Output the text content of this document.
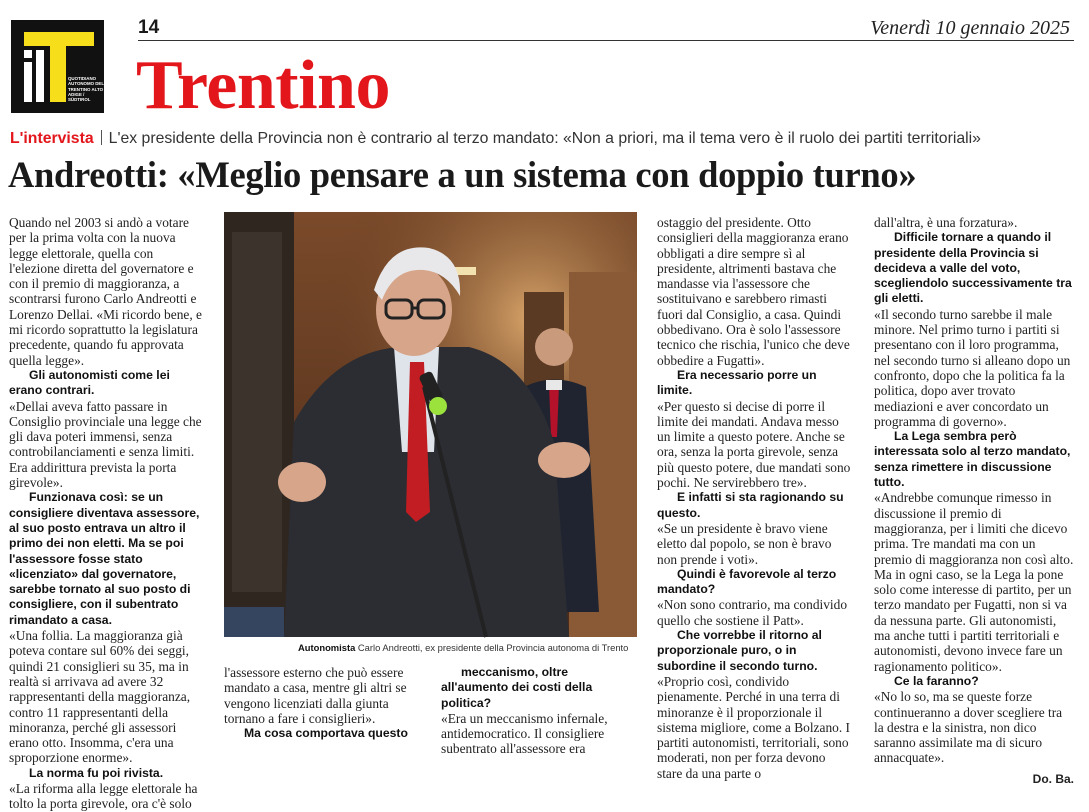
QUOTIDIANO AUTONOMO DEL TRENTINO ALTO ADIGE / SÜDTIROL
14	Venerdì 10 gennaio 2025
Trentino
L'intervista L'ex presidente della Provincia non è contrario al terzo mandato: «Non a priori, ma il tema vero è il ruolo dei partiti territoriali»
Andreotti: «Meglio pensare a un sistema con doppio turno»

Quando nel 2003 si andò a votare per la prima volta con la nuova legge elettorale, quella con l'elezione diretta del governatore e con il premio di maggioranza, a scontrarsi furono Carlo Andreotti e Lorenzo Dellai. «Mi ricordo bene, e mi ricordo soprattutto la legislatura precedente, quando fu approvata quella legge».

Gli autonomisti come lei erano contrari.

«Dellai aveva fatto passare in Consiglio provinciale una legge che gli dava poteri immensi, senza controbilanciamenti e senza limiti. Era addirittura prevista la porta girevole».

Funzionava così: se un consigliere diventava assessore, al suo posto entrava un altro il primo dei non eletti. Ma se poi l'assessore fosse stato «licenziato» dal governatore, sarebbe tornato al suo posto di consigliere, con il subentrato rimandato a casa.

«Una follia. La maggioranza già poteva contare sul 60% dei seggi, quindi 21 consiglieri su 35, ma in realtà si arrivava ad avere 32 rappresentanti della maggioranza, contro 11 rappresentanti della minoranza, perché gli assessori erano otto. Insomma, c'era una sproporzione enorme».

La norma fu poi rivista.

«La riforma alla legge elettorale ha tolto la porta girevole, ora c'è solo

l'assessore esterno che può essere mandato a casa, mentre gli altri se vengono licenziati dalla giunta tornano a fare i consiglieri».

Ma cosa comportava questo

meccanismo, oltre all'aumento dei costi della politica?

«Era un meccanismo infernale, antidemocratico. Il consigliere subentrato all'assessore era

ostaggio del presidente. Otto consiglieri della maggioranza erano obbligati a dire sempre sì al presidente, altrimenti bastava che mandasse via l'assessore che sostituivano e sarebbero rimasti fuori dal Consiglio, a casa. Quindi obbedivano. Ora è solo l'assessore tecnico che rischia, l'unico che deve obbedire a Fugatti».

Era necessario porre un limite.

«Per questo si decise di porre il limite dei mandati. Andava messo un limite a questo potere. Anche se ora, senza la porta girevole, senza più questo potere, due mandati sono pochi. Ne servirebbero tre».

E infatti si sta ragionando su questo.

«Se un presidente è bravo viene eletto dal popolo, se non è bravo non prende i voti».

Quindi è favorevole al terzo mandato?

«Non sono contrario, ma condivido quello che sostiene il Patt».

Che vorrebbe il ritorno al proporzionale puro, o in subordine il secondo turno.

«Proprio così, condivido pienamente. Perché in una terra di minoranze è il proporzionale il sistema migliore, come a Bolzano. I partiti autonomisti, territoriali, sono moderati, non per forza devono stare da una parte o

dall'altra, è una forzatura».

Difficile tornare a quando il presidente della Provincia si decideva a valle del voto, scegliendolo successivamente tra gli eletti.

«Il secondo turno sarebbe il male minore. Nel primo turno i partiti si presentano con il loro programma, nel secondo turno si alleano dopo un confronto, dopo che la politica fa la politica, dopo aver trovato mediazioni e aver concordato un programma di governo».

La Lega sembra però interessata solo al terzo mandato, senza rimettere in discussione tutto.

«Andrebbe comunque rimesso in discussione il premio di maggioranza, per i limiti che dicevo prima. Tre mandati ma con un premio di maggioranza non così alto. Ma in ogni caso, se la Lega la pone solo come interesse di partito, per un terzo mandato per Fugatti, non si va da nessuna parte. Gli autonomisti, ma anche tutti i partiti territoriali e autonomisti, devono invece fare un ragionamento politico».

Ce la faranno?

«No lo so, ma se queste forze continueranno a dover scegliere tra la destra e la sinistra, non dico saranno assimilate ma di sicuro annacquate».

Do. Ba.

Autonomista Carlo Andreotti, ex presidente della Provincia autonoma di Trento
